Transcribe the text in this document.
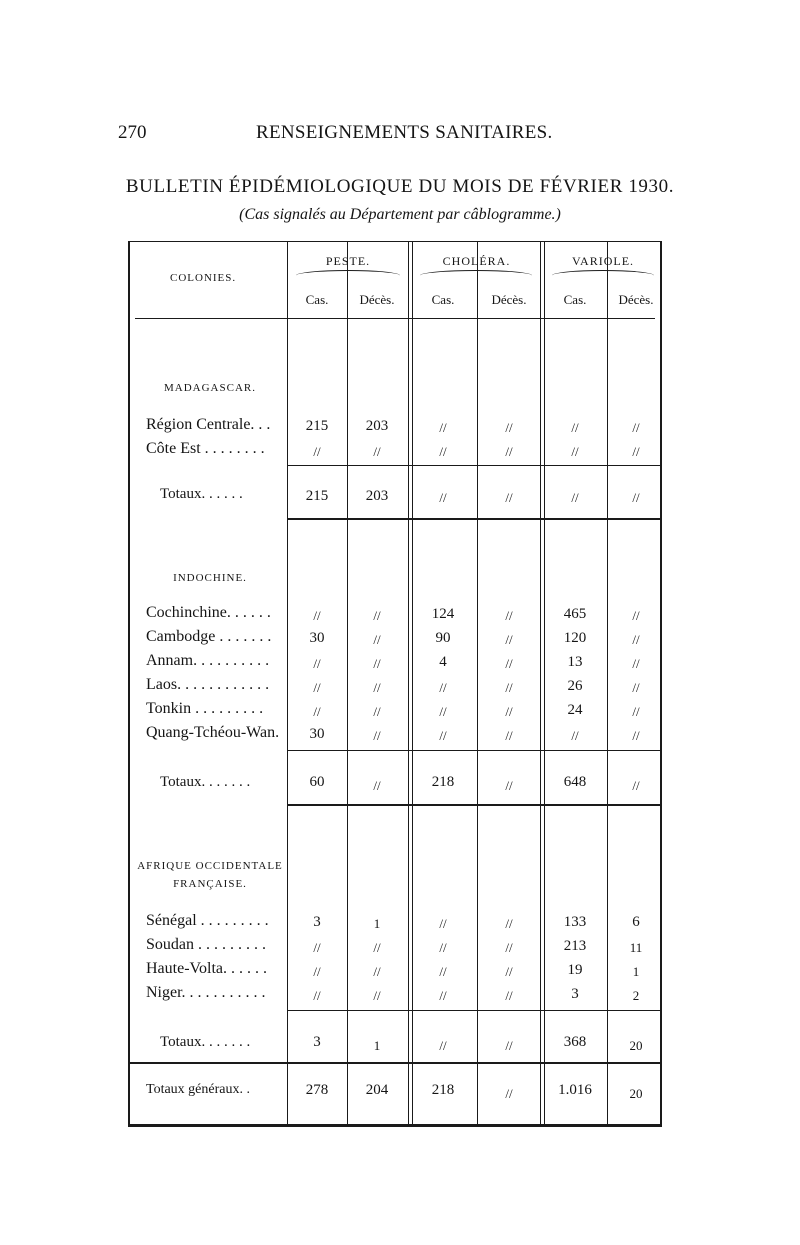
270	RENSEIGNEMENTS SANITAIRES.
BULLETIN ÉPIDÉMIOLOGIQUE DU MOIS DE FÉVRIER 1930.
(Cas signalés au Département par câblogramme.)
COLONIES.
PESTE.	CHOLÉRA.	VARIOLE.
Cas.	Décès.	Cas.	Décès.	Cas.	Décès.
MADAGASCAR.
Région Centrale. . .	215	203	//	//	//	//
Côte Est . . . . . . . .	//	//	//	//	//	//
Totaux. . . . . .	215	203	//	//	//	//
INDOCHINE.
Cochinchine. . . . . .	//	//	124	//	465	//
Cambodge . . . . . . .	30	//	90	//	120	//
Annam. . . . . . . . . .	//	//	4	//	13	//
Laos. . . . . . . . . . . .	//	//	//	//	26	//
Tonkin . . . . . . . . .	//	//	//	//	24	//
Quang-Tchéou-Wan.	30	//	//	//	//	//
Totaux. . . . . . .	60	//	218	//	648	//
AFRIQUE OCCIDENTALE
FRANÇAISE.
Sénégal . . . . . . . . .	3	1	//	//	133	6
Soudan . . . . . . . . .	//	//	//	//	213	11
Haute-Volta. . . . . .	//	//	//	//	19	1
Niger. . . . . . . . . . .	//	//	//	//	3	2
Totaux. . . . . . .	3	1	//	//	368	20
Totaux généraux. .	278	204	218	//	1.016	20
